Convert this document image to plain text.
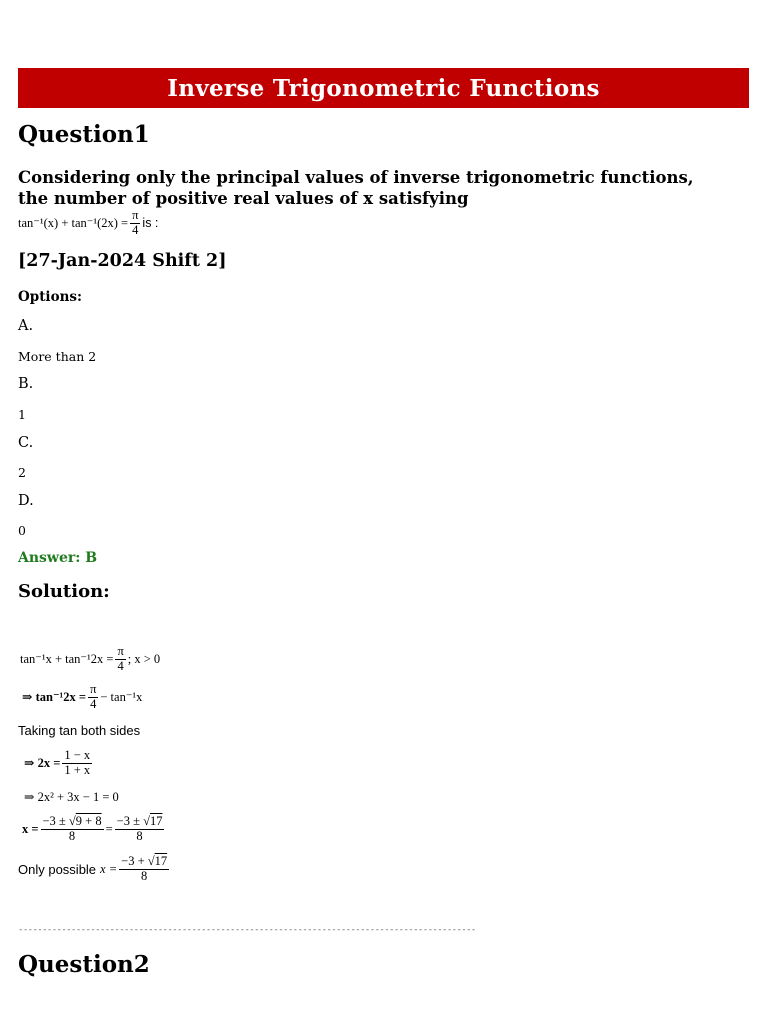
Inverse Trigonometric Functions
Question1
Considering only the principal values of inverse trigonometric functions, the number of positive real values of x satisfying
$\tan^{-1}(x) + \tan^{-1}(2x) = \frac{\pi}{4}$ is :
[27-Jan-2024 Shift 2]
Options:
A.
More than 2
B.
1
C.
2
D.
0
Answer: B
Solution:
$\tan^{-1}x + \tan^{-1}2x = \frac{\pi}{4}$ ; x > 0
⇒ $\tan^{-1}2x = \frac{\pi}{4} - \tan^{-1}x$
Taking tan both sides
⇒ $2x = \frac{1 - x}{1 + x}$
⇒ 2x² + 3x − 1 = 0
$x = \frac{-3 \pm √9 + 8}{8} = \frac{-3 \pm √17}{8}$
Only possible $x = \frac{-3 + √17}{8}$
-----------------------------------------------------------------------------------------------
Question2
